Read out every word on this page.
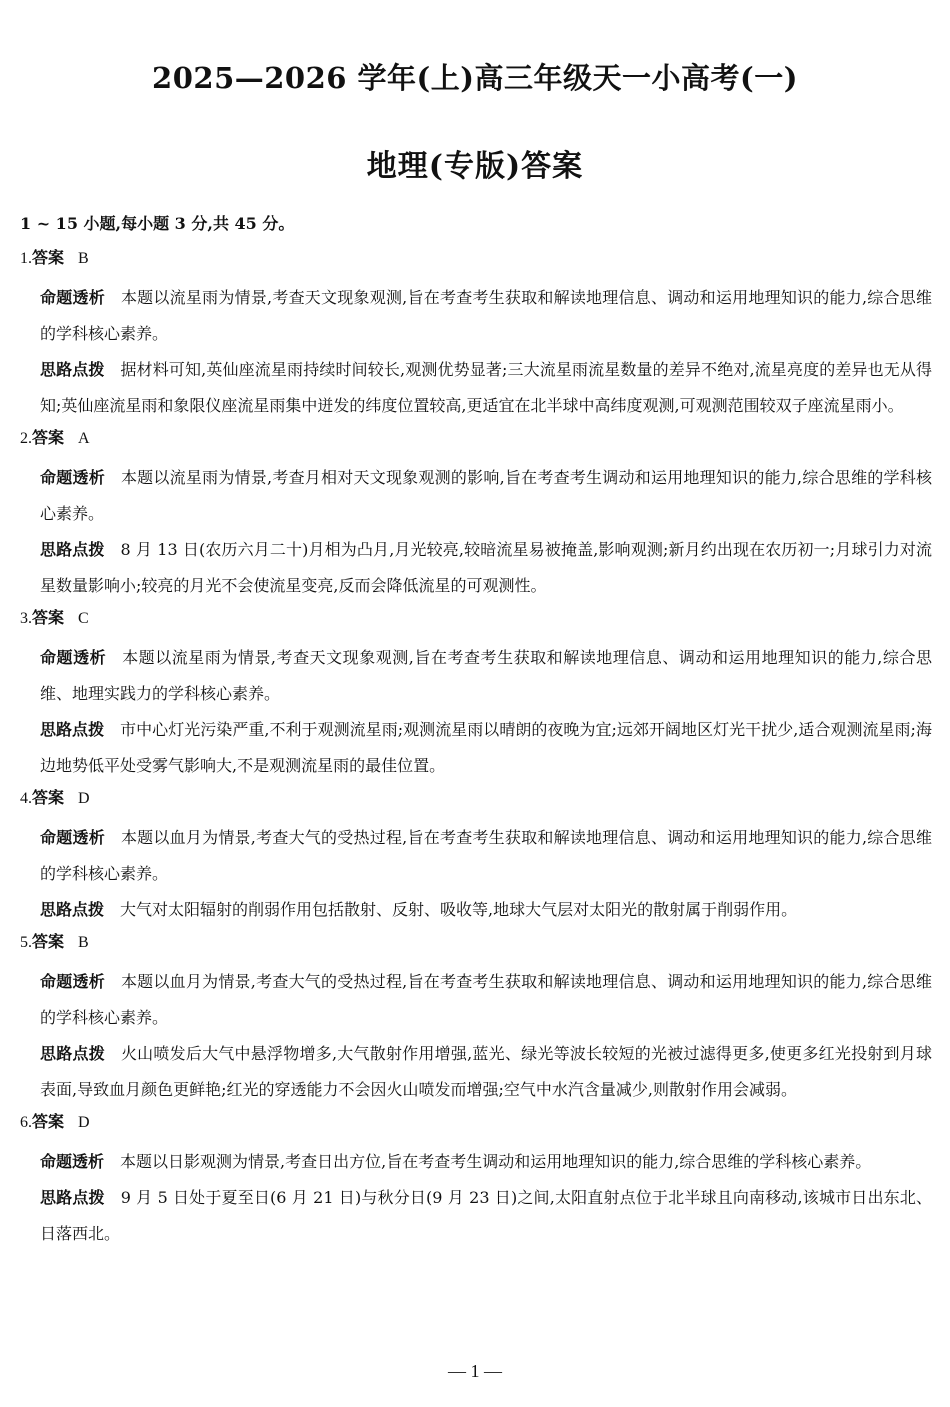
2025—2026 学年(上)高三年级天一小高考(一)
地理(专版)答案
1 ~ 15 小题,每小题 3 分,共 45 分。
1.答案 B
命题透析 本题以流星雨为情景,考查天文现象观测,旨在考查考生获取和解读地理信息、调动和运用地理知识的能力,综合思维的学科核心素养。
思路点拨 据材料可知,英仙座流星雨持续时间较长,观测优势显著;三大流星雨流星数量的差异不绝对,流星亮度的差异也无从得知;英仙座流星雨和象限仪座流星雨集中迸发的纬度位置较高,更适宜在北半球中高纬度观测,可观测范围较双子座流星雨小。
2.答案 A
命题透析 本题以流星雨为情景,考查月相对天文现象观测的影响,旨在考查考生调动和运用地理知识的能力,综合思维的学科核心素养。
思路点拨 8 月 13 日(农历六月二十)月相为凸月,月光较亮,较暗流星易被掩盖,影响观测;新月约出现在农历初一;月球引力对流星数量影响小;较亮的月光不会使流星变亮,反而会降低流星的可观测性。
3.答案 C
命题透析 本题以流星雨为情景,考查天文现象观测,旨在考查考生获取和解读地理信息、调动和运用地理知识的能力,综合思维、地理实践力的学科核心素养。
思路点拨 市中心灯光污染严重,不利于观测流星雨;观测流星雨以晴朗的夜晚为宜;远郊开阔地区灯光干扰少,适合观测流星雨;海边地势低平处受雾气影响大,不是观测流星雨的最佳位置。
4.答案 D
命题透析 本题以血月为情景,考查大气的受热过程,旨在考查考生获取和解读地理信息、调动和运用地理知识的能力,综合思维的学科核心素养。
思路点拨 大气对太阳辐射的削弱作用包括散射、反射、吸收等,地球大气层对太阳光的散射属于削弱作用。
5.答案 B
命题透析 本题以血月为情景,考查大气的受热过程,旨在考查考生获取和解读地理信息、调动和运用地理知识的能力,综合思维的学科核心素养。
思路点拨 火山喷发后大气中悬浮物增多,大气散射作用增强,蓝光、绿光等波长较短的光被过滤得更多,使更多红光投射到月球表面,导致血月颜色更鲜艳;红光的穿透能力不会因火山喷发而增强;空气中水汽含量减少,则散射作用会减弱。
6.答案 D
命题透析 本题以日影观测为情景,考查日出方位,旨在考查考生调动和运用地理知识的能力,综合思维的学科核心素养。
思路点拨 9 月 5 日处于夏至日(6 月 21 日)与秋分日(9 月 23 日)之间,太阳直射点位于北半球且向南移动,该城市日出东北、日落西北。
— 1 —
